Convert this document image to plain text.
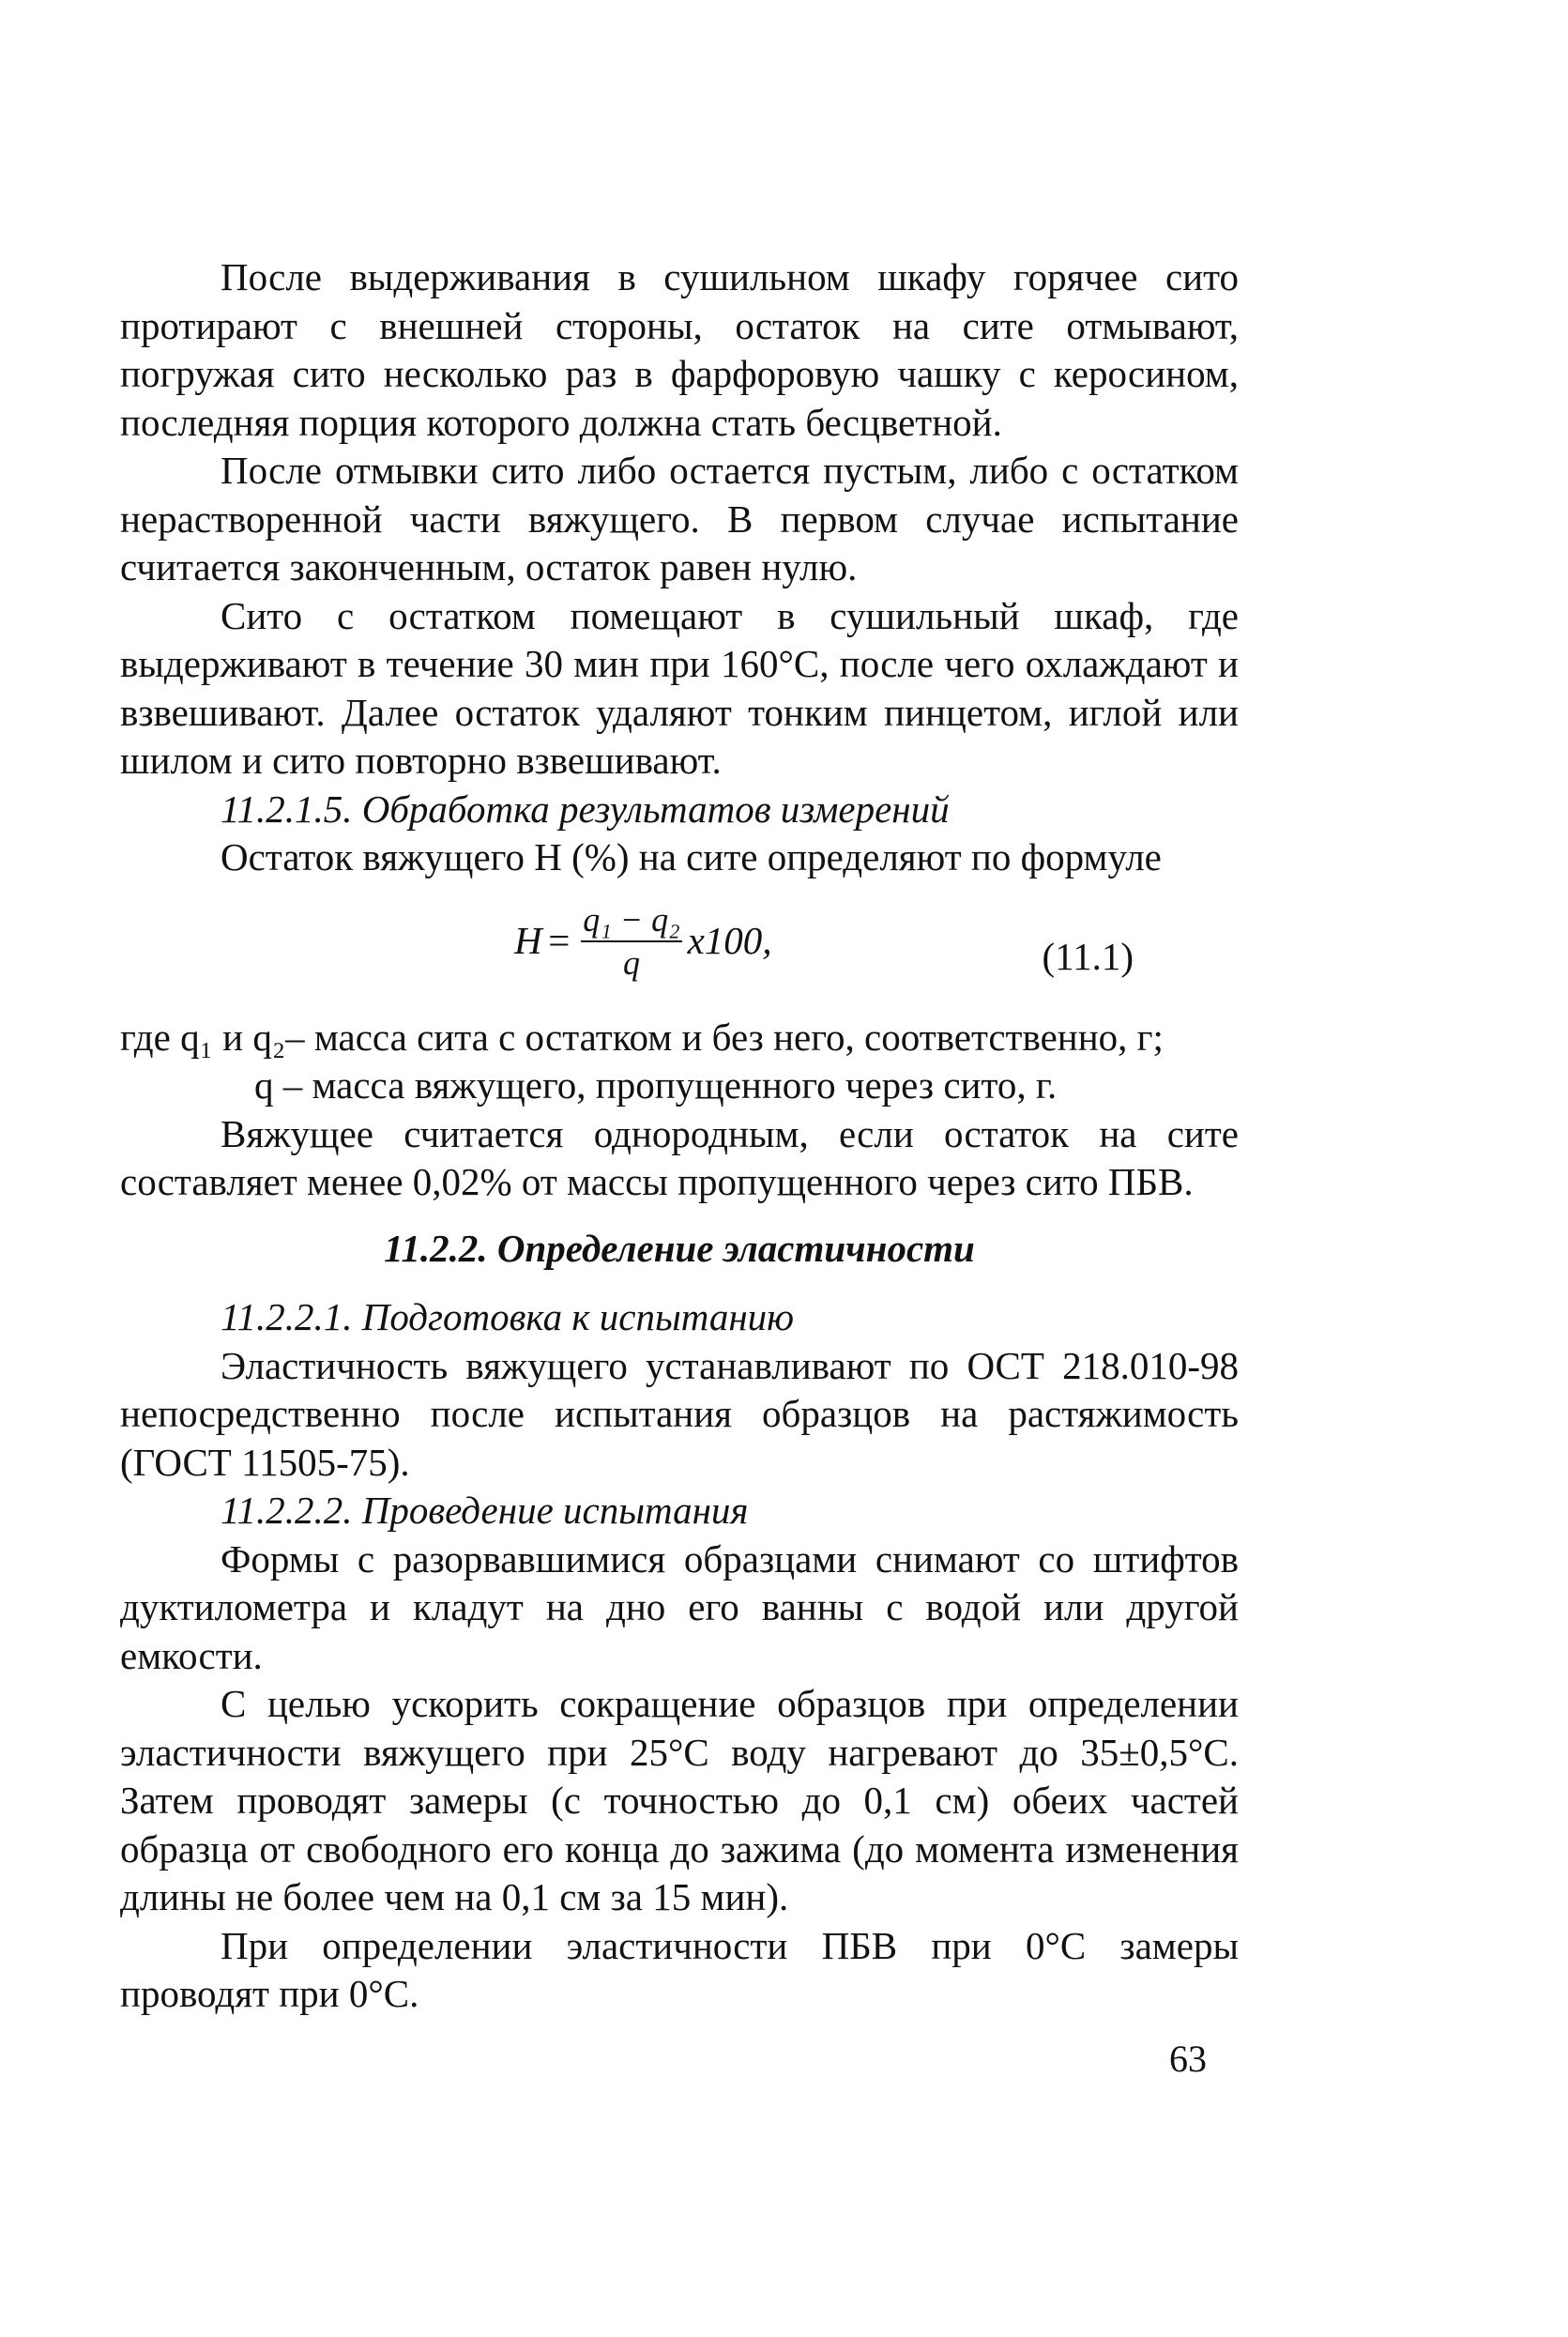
После выдерживания в сушильном шкафу горячее сито протирают с внешней стороны, остаток на сите отмывают, погружая сито несколько раз в фарфоровую чашку с керосином, последняя порция которого должна стать бесцветной.

После отмывки сито либо остается пустым, либо с остатком нерастворенной части вяжущего. В первом случае испытание считается законченным, остаток равен нулю.

Сито с остатком помещают в сушильный шкаф, где выдерживают в течение 30 мин при 160°С, после чего охлаждают и взвешивают. Далее остаток удаляют тонким пинцетом, иглой или шилом и сито повторно взвешивают.

11.2.1.5. Обработка результатов измерений

Остаток вяжущего Н (%) на сите определяют по формуле

$H = \frac{\text{q₁ − q₂}}{q} x100$,	(11.1)

где q₁ и q₂– масса сита с остатком и без него, соответственно, г;

q – масса вяжущего, пропущенного через сито, г.

Вяжущее считается однородным, если остаток на сите составляет менее 0,02% от массы пропущенного через сито ПБВ.

11.2.2. Определение эластичности

11.2.2.1. Подготовка к испытанию

Эластичность вяжущего устанавливают по ОСТ 218.010-98 непосредственно после испытания образцов на растяжимость (ГОСТ 11505-75).

11.2.2.2. Проведение испытания

Формы с разорвавшимися образцами снимают со штифтов дуктилометра и кладут на дно его ванны с водой или другой емкости.

С целью ускорить сокращение образцов при определении эластичности вяжущего при 25°С воду нагревают до 35±0,5°С. Затем проводят замеры (с точностью до 0,1 см) обеих частей образца от свободного его конца до зажима (до момента изменения длины не более чем на 0,1 см за 15 мин).

При определении эластичности ПБВ при 0°С замеры проводят при 0°С.

63
